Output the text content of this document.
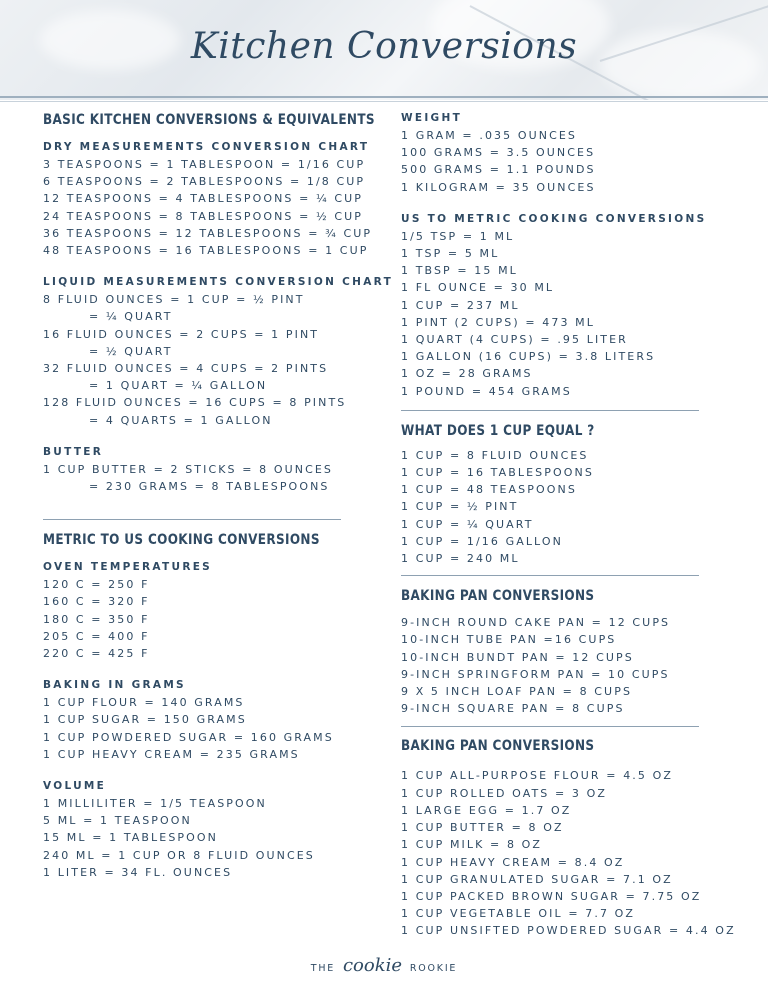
Kitchen Conversions
BASIC KITCHEN CONVERSIONS & EQUIVALENTS
DRY MEASUREMENTS CONVERSION CHART
3 TEASPOONS = 1 TABLESPOON = 1/16 CUP
6 TEASPOONS = 2 TABLESPOONS = 1/8 CUP
12 TEASPOONS = 4 TABLESPOONS = ¼ CUP
24 TEASPOONS = 8 TABLESPOONS = ½ CUP
36 TEASPOONS = 12 TABLESPOONS = ¾ CUP
48 TEASPOONS = 16 TABLESPOONS = 1 CUP
LIQUID MEASUREMENTS CONVERSION CHART
8 FLUID OUNCES = 1 CUP = ½ PINT
= ¼ QUART
16 FLUID OUNCES = 2 CUPS = 1 PINT
= ½ QUART
32 FLUID OUNCES = 4 CUPS = 2 PINTS
= 1 QUART = ¼ GALLON
128 FLUID OUNCES = 16 CUPS = 8 PINTS
= 4 QUARTS = 1 GALLON
BUTTER
1 CUP BUTTER = 2 STICKS = 8 OUNCES
= 230 GRAMS = 8 TABLESPOONS
METRIC TO US COOKING CONVERSIONS
OVEN TEMPERATURES
120 C = 250 F
160 C = 320 F
180 C = 350 F
205 C = 400 F
220 C = 425 F
BAKING IN GRAMS
1 CUP FLOUR = 140 GRAMS
1 CUP SUGAR = 150 GRAMS
1 CUP POWDERED SUGAR = 160 GRAMS
1 CUP HEAVY CREAM = 235 GRAMS
VOLUME
1 MILLILITER = 1/5 TEASPOON
5 ML = 1 TEASPOON
15 ML = 1 TABLESPOON
240 ML = 1 CUP OR 8 FLUID OUNCES
1 LITER = 34 FL. OUNCES
WEIGHT
1 GRAM = .035 OUNCES
100 GRAMS = 3.5 OUNCES
500 GRAMS = 1.1 POUNDS
1 KILOGRAM = 35 OUNCES
US TO METRIC COOKING CONVERSIONS
1/5 TSP = 1 ML
1 TSP = 5 ML
1 TBSP = 15 ML
1 FL OUNCE = 30 ML
1 CUP = 237 ML
1 PINT (2 CUPS) = 473 ML
1 QUART (4 CUPS) = .95 LITER
1 GALLON (16 CUPS) = 3.8 LITERS
1 OZ = 28 GRAMS
1 POUND = 454 GRAMS
WHAT DOES 1 CUP EQUAL ?
1 CUP = 8 FLUID OUNCES
1 CUP = 16 TABLESPOONS
1 CUP = 48 TEASPOONS
1 CUP = ½ PINT
1 CUP = ¼ QUART
1 CUP = 1/16 GALLON
1 CUP = 240 ML
BAKING PAN CONVERSIONS
9-INCH ROUND CAKE PAN = 12 CUPS
10-INCH TUBE PAN =16 CUPS
10-INCH BUNDT PAN = 12 CUPS
9-INCH SPRINGFORM PAN = 10 CUPS
9 X 5 INCH LOAF PAN = 8 CUPS
9-INCH SQUARE PAN = 8 CUPS
BAKING PAN CONVERSIONS
1 CUP ALL-PURPOSE FLOUR = 4.5 OZ
1 CUP ROLLED OATS = 3 OZ
1 LARGE EGG = 1.7 OZ
1 CUP BUTTER = 8 OZ
1 CUP MILK = 8 OZ
1 CUP HEAVY CREAM = 8.4 OZ
1 CUP GRANULATED SUGAR = 7.1 OZ
1 CUP PACKED BROWN SUGAR = 7.75 OZ
1 CUP VEGETABLE OIL = 7.7 OZ
1 CUP UNSIFTED POWDERED SUGAR = 4.4 OZ
THE cookie ROOKIE
